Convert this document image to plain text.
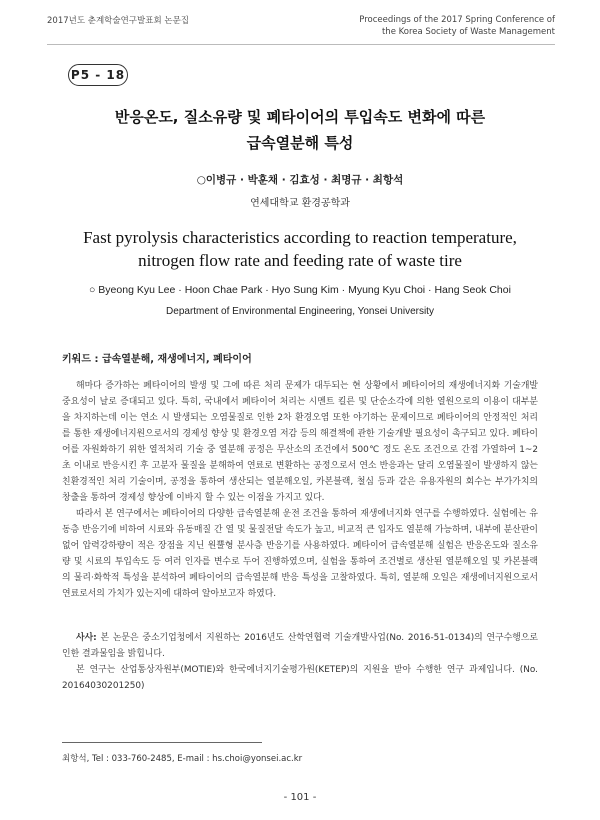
2017년도 춘계학술연구발표회 논문집	Proceedings of the 2017 Spring Conference of
the Korea Society of Waste Management
P5 - 18
반응온도, 질소유량 및 폐타이어의 투입속도 변화에 따른
급속열분해 특성
○이병규 · 박훈채 · 김효성 · 최명규 · 최항석
연세대학교 환경공학과
Fast pyrolysis characteristics according to reaction temperature,
nitrogen flow rate and feeding rate of waste tire
○ Byeong Kyu Lee · Hoon Chae Park · Hyo Sung Kim · Myung Kyu Choi · Hang Seok Choi
Department of Environmental Engineering, Yonsei University
키워드 : 급속열분해, 재생에너지, 폐타이어

해마다 증가하는 폐타이어의 발생 및 그에 따른 처리 문제가 대두되는 현 상황에서 폐타이어의 재생에너지화 기술개발 중요성이 날로 증대되고 있다. 특히, 국내에서 폐타이어 처리는 시멘트 킬른 및 단순소각에 의한 열원으로의 이용이 대부분을 차지하는데 이는 연소 시 발생되는 오염물질로 인한 2차 환경오염 또한 야기하는 문제이므로 폐타이어의 안정적인 처리를 통한 재생에너지원으로서의 경제성 향상 및 환경오염 저감 등의 해결책에 관한 기술개발 필요성이 촉구되고 있다. 폐타이어를 자원화하기 위한 열적처리 기술 중 열분해 공정은 무산소의 조건에서 500℃ 정도 온도 조건으로 간접 가열하여 1~2초 이내로 반응시킨 후 고분자 물질을 분해하여 연료로 변환하는 공정으로서 연소 반응과는 달리 오염물질이 발생하지 않는 친환경적인 처리 기술이며, 공정을 통하여 생산되는 열분해오일, 카본블랙, 철심 등과 같은 유용자원의 회수는 부가가치의 창출을 통하여 경제성 향상에 이바지 할 수 있는 이점을 가지고 있다.

따라서 본 연구에서는 폐타이어의 다양한 급속열분해 운전 조건을 통하여 재생에너지화 연구를 수행하였다. 실험에는 유동층 반응기에 비하여 시료와 유동매질 간 열 및 물질전달 속도가 높고, 비교적 큰 입자도 열분해 가능하며, 내부에 분산판이 없어 압력강하량이 적은 장점을 지닌 원뿔형 분사층 반응기를 사용하였다. 폐타이어 급속열분해 실험은 반응온도와 질소유량 및 시료의 투입속도 등 여러 인자를 변수로 두어 진행하였으며, 실험을 통하여 조건별로 생산된 열분해오일 및 카본블랙의 물리·화학적 특성을 분석하여 폐타이어의 급속열분해 반응 특성을 고찰하였다. 특히, 열분해 오일은 재생에너지원으로서 연료로서의 가치가 있는지에 대하여 알아보고자 하였다.

사사: 본 논문은 중소기업청에서 지원하는 2016년도 산학연협력 기술개발사업(No. 2016-51-0134)의 연구수행으로 인한 결과물임을 밝힙니다.

본 연구는 산업통상자원부(MOTIE)와 한국에너지기술평가원(KETEP)의 지원을 받아 수행한 연구 과제입니다. (No. 20164030201250)

최항석, Tel : 033-760-2485, E-mail : hs.choi@yonsei.ac.kr
- 101 -
